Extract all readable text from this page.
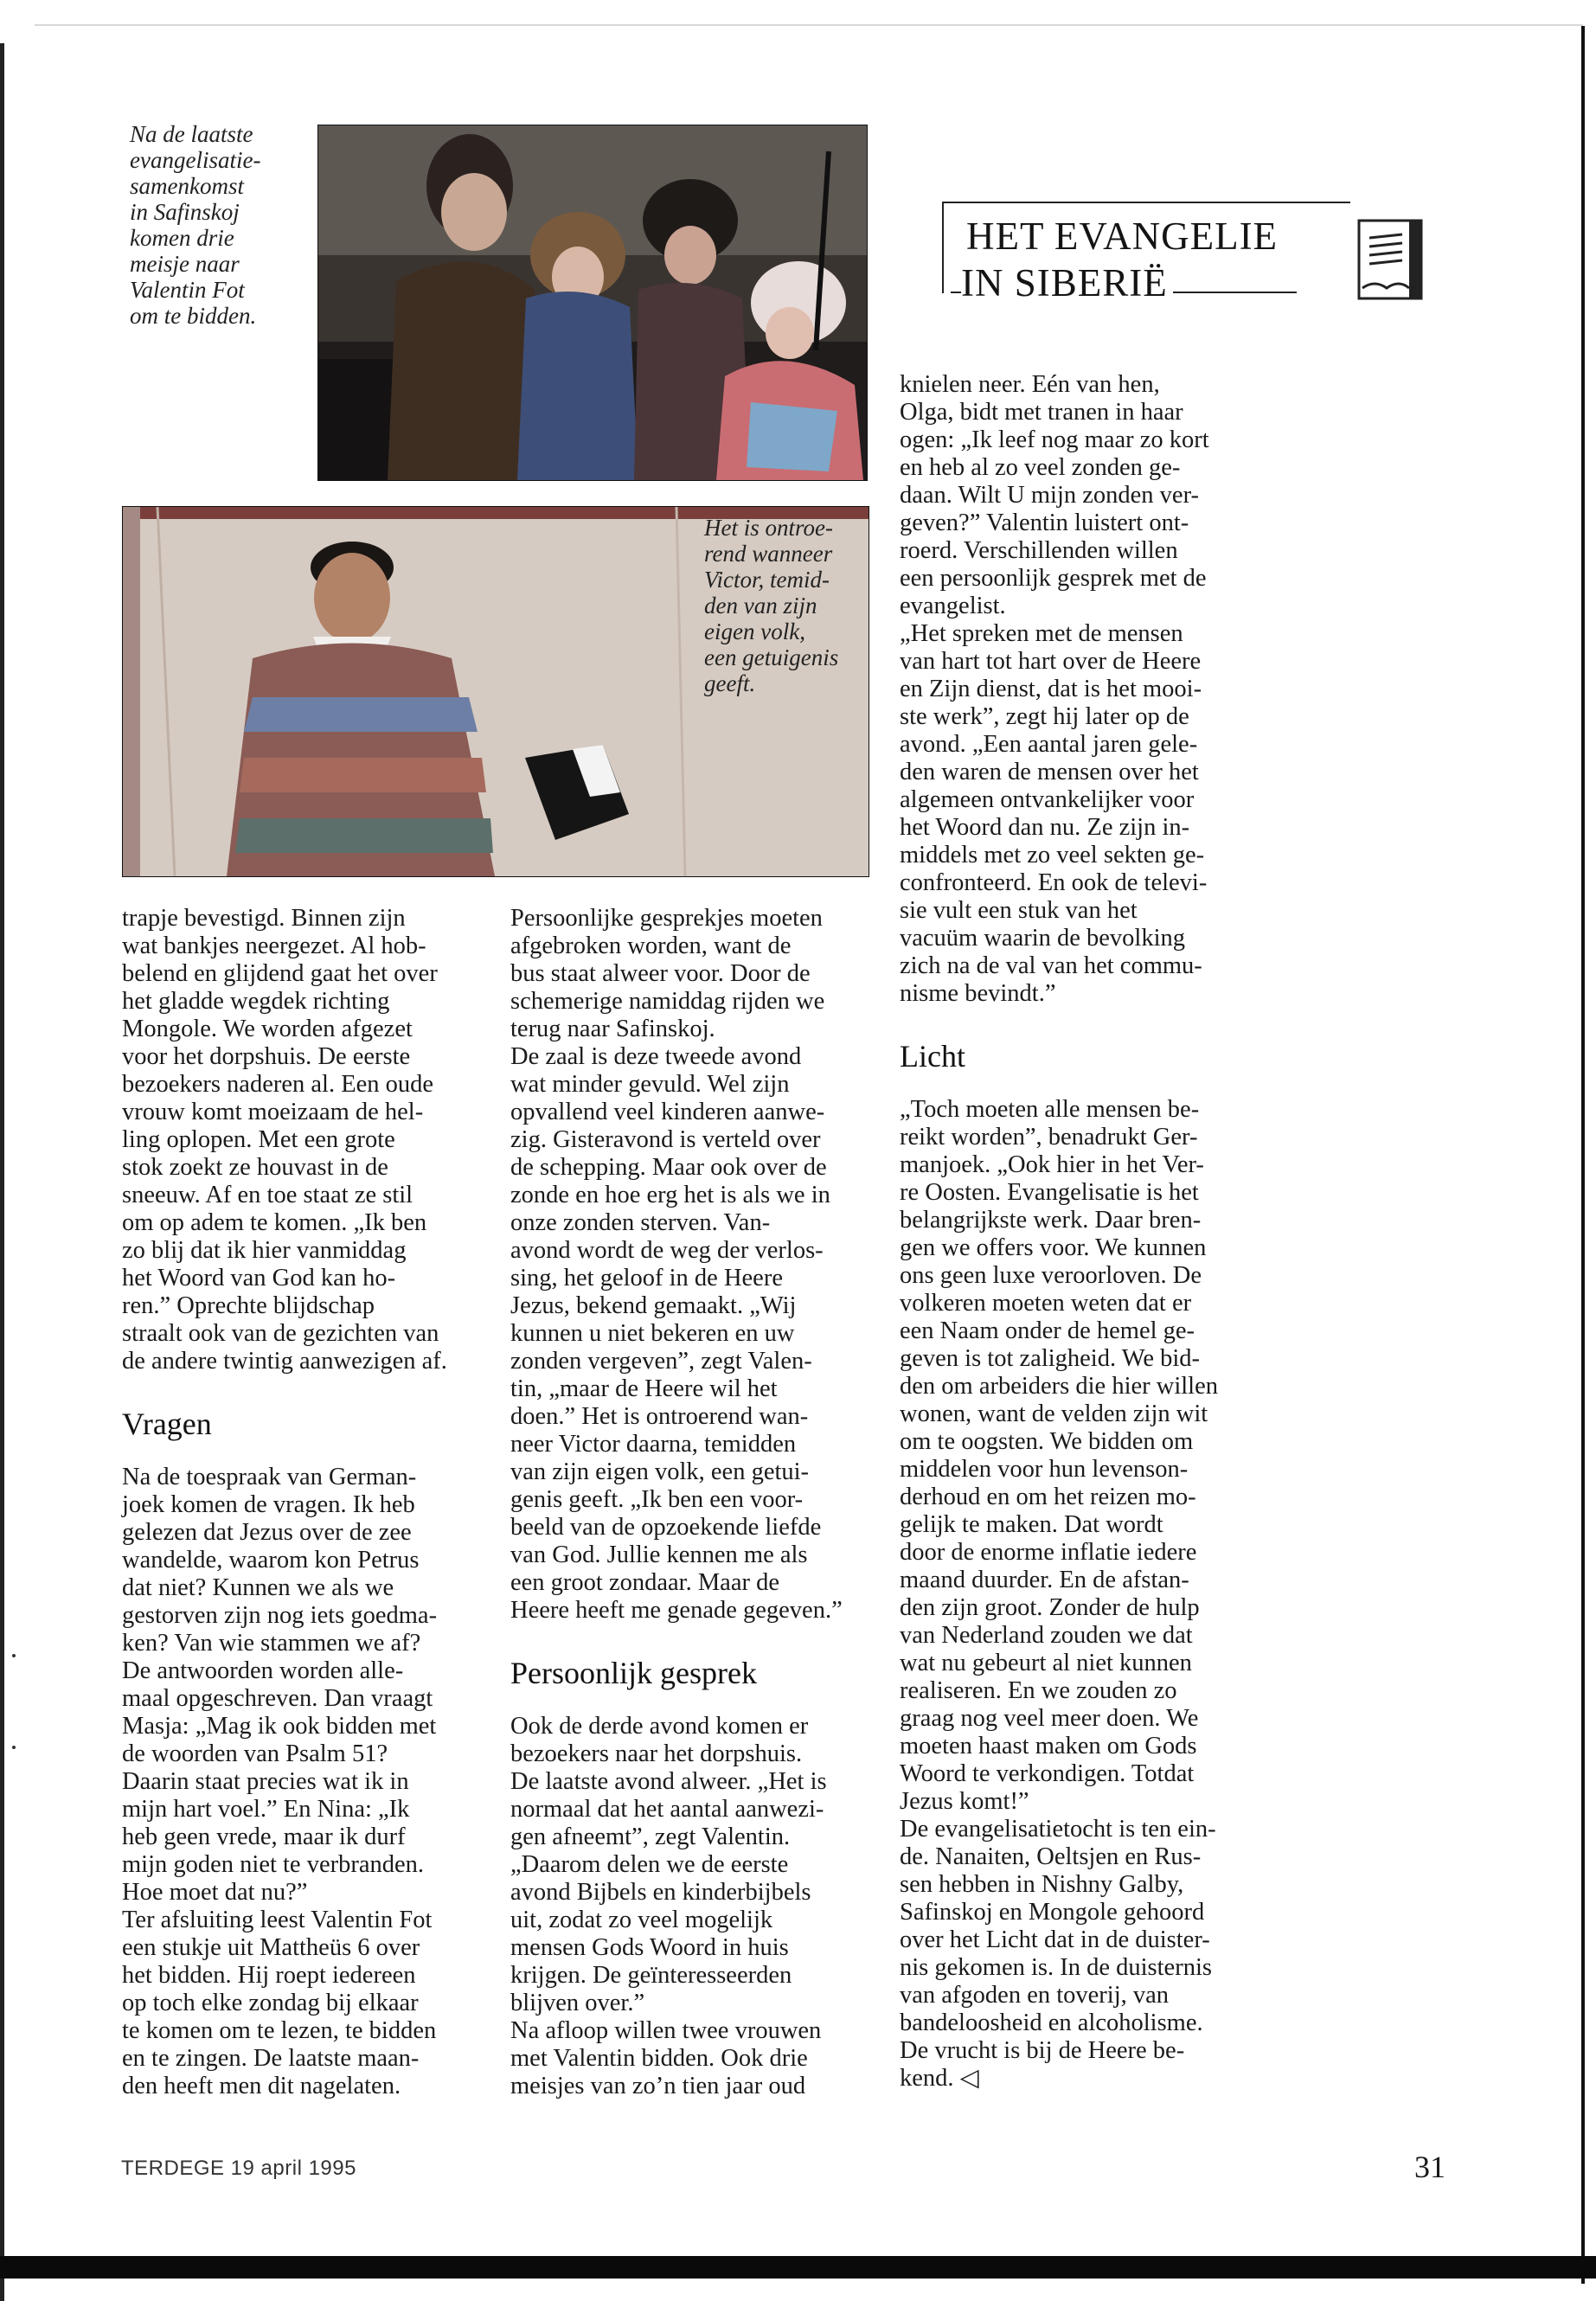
Na de laatste
evangelisatie-
samenkomst
in Safinskoj
komen drie
meisje naar
Valentin Fot
om te bidden.

Het is ontroe-
rend wanneer
Victor, temid-
den van zijn
eigen volk,
een getuigenis
geeft.

HET EVANGELIE
IN SIBERIË

trapje bevestigd. Binnen zijn
wat bankjes neergezet. Al hob-
belend en glijdend gaat het over
het gladde wegdek richting
Mongole. We worden afgezet
voor het dorpshuis. De eerste
bezoekers naderen al. Een oude
vrouw komt moeizaam de hel-
ling oplopen. Met een grote
stok zoekt ze houvast in de
sneeuw. Af en toe staat ze stil
om op adem te komen. „Ik ben
zo blij dat ik hier vanmiddag
het Woord van God kan ho-
ren.” Oprechte blijdschap
straalt ook van de gezichten van
de andere twintig aanwezigen af.

Vragen

Na de toespraak van German-
joek komen de vragen. Ik heb
gelezen dat Jezus over de zee
wandelde, waarom kon Petrus
dat niet? Kunnen we als we
gestorven zijn nog iets goedma-
ken? Van wie stammen we af?
De antwoorden worden alle-
maal opgeschreven. Dan vraagt
Masja: „Mag ik ook bidden met
de woorden van Psalm 51?
Daarin staat precies wat ik in
mijn hart voel.” En Nina: „Ik
heb geen vrede, maar ik durf
mijn goden niet te verbranden.
Hoe moet dat nu?”
Ter afsluiting leest Valentin Fot
een stukje uit Mattheüs 6 over
het bidden. Hij roept iedereen
op toch elke zondag bij elkaar
te komen om te lezen, te bidden
en te zingen. De laatste maan-
den heeft men dit nagelaten.

Persoonlijke gesprekjes moeten
afgebroken worden, want de
bus staat alweer voor. Door de
schemerige namiddag rijden we
terug naar Safinskoj.
De zaal is deze tweede avond
wat minder gevuld. Wel zijn
opvallend veel kinderen aanwe-
zig. Gisteravond is verteld over
de schepping. Maar ook over de
zonde en hoe erg het is als we in
onze zonden sterven. Van-
avond wordt de weg der verlos-
sing, het geloof in de Heere
Jezus, bekend gemaakt. „Wij
kunnen u niet bekeren en uw
zonden vergeven”, zegt Valen-
tin, „maar de Heere wil het
doen.” Het is ontroerend wan-
neer Victor daarna, temidden
van zijn eigen volk, een getui-
genis geeft. „Ik ben een voor-
beeld van de opzoekende liefde
van God. Jullie kennen me als
een groot zondaar. Maar de
Heere heeft me genade gegeven.”

Persoonlijk gesprek

Ook de derde avond komen er
bezoekers naar het dorpshuis.
De laatste avond alweer. „Het is
normaal dat het aantal aanwezi-
gen afneemt”, zegt Valentin.
„Daarom delen we de eerste
avond Bijbels en kinderbijbels
uit, zodat zo veel mogelijk
mensen Gods Woord in huis
krijgen. De geïnteresseerden
blijven over.”
Na afloop willen twee vrouwen
met Valentin bidden. Ook drie
meisjes van zo’n tien jaar oud

knielen neer. Eén van hen,
Olga, bidt met tranen in haar
ogen: „Ik leef nog maar zo kort
en heb al zo veel zonden ge-
daan. Wilt U mijn zonden ver-
geven?” Valentin luistert ont-
roerd. Verschillenden willen
een persoonlijk gesprek met de
evangelist.
„Het spreken met de mensen
van hart tot hart over de Heere
en Zijn dienst, dat is het mooi-
ste werk”, zegt hij later op de
avond. „Een aantal jaren gele-
den waren de mensen over het
algemeen ontvankelijker voor
het Woord dan nu. Ze zijn in-
middels met zo veel sekten ge-
confronteerd. En ook de televi-
sie vult een stuk van het
vacuüm waarin de bevolking
zich na de val van het commu-
nisme bevindt.”

Licht

„Toch moeten alle mensen be-
reikt worden”, benadrukt Ger-
manjoek. „Ook hier in het Ver-
re Oosten. Evangelisatie is het
belangrijkste werk. Daar bren-
gen we offers voor. We kunnen
ons geen luxe veroorloven. De
volkeren moeten weten dat er
een Naam onder de hemel ge-
geven is tot zaligheid. We bid-
den om arbeiders die hier willen
wonen, want de velden zijn wit
om te oogsten. We bidden om
middelen voor hun levenson-
derhoud en om het reizen mo-
gelijk te maken. Dat wordt
door de enorme inflatie iedere
maand duurder. En de afstan-
den zijn groot. Zonder de hulp
van Nederland zouden we dat
wat nu gebeurt al niet kunnen
realiseren. En we zouden zo
graag nog veel meer doen. We
moeten haast maken om Gods
Woord te verkondigen. Totdat
Jezus komt!”
De evangelisatietocht is ten ein-
de. Nanaiten, Oeltsjen en Rus-
sen hebben in Nishny Galby,
Safinskoj en Mongole gehoord
over het Licht dat in de duister-
nis gekomen is. In de duisternis
van afgoden en toverij, van
bandeloosheid en alcoholisme.
De vrucht is bij de Heere be-
kend. ◁

TERDEGE 19 april 1995	31
